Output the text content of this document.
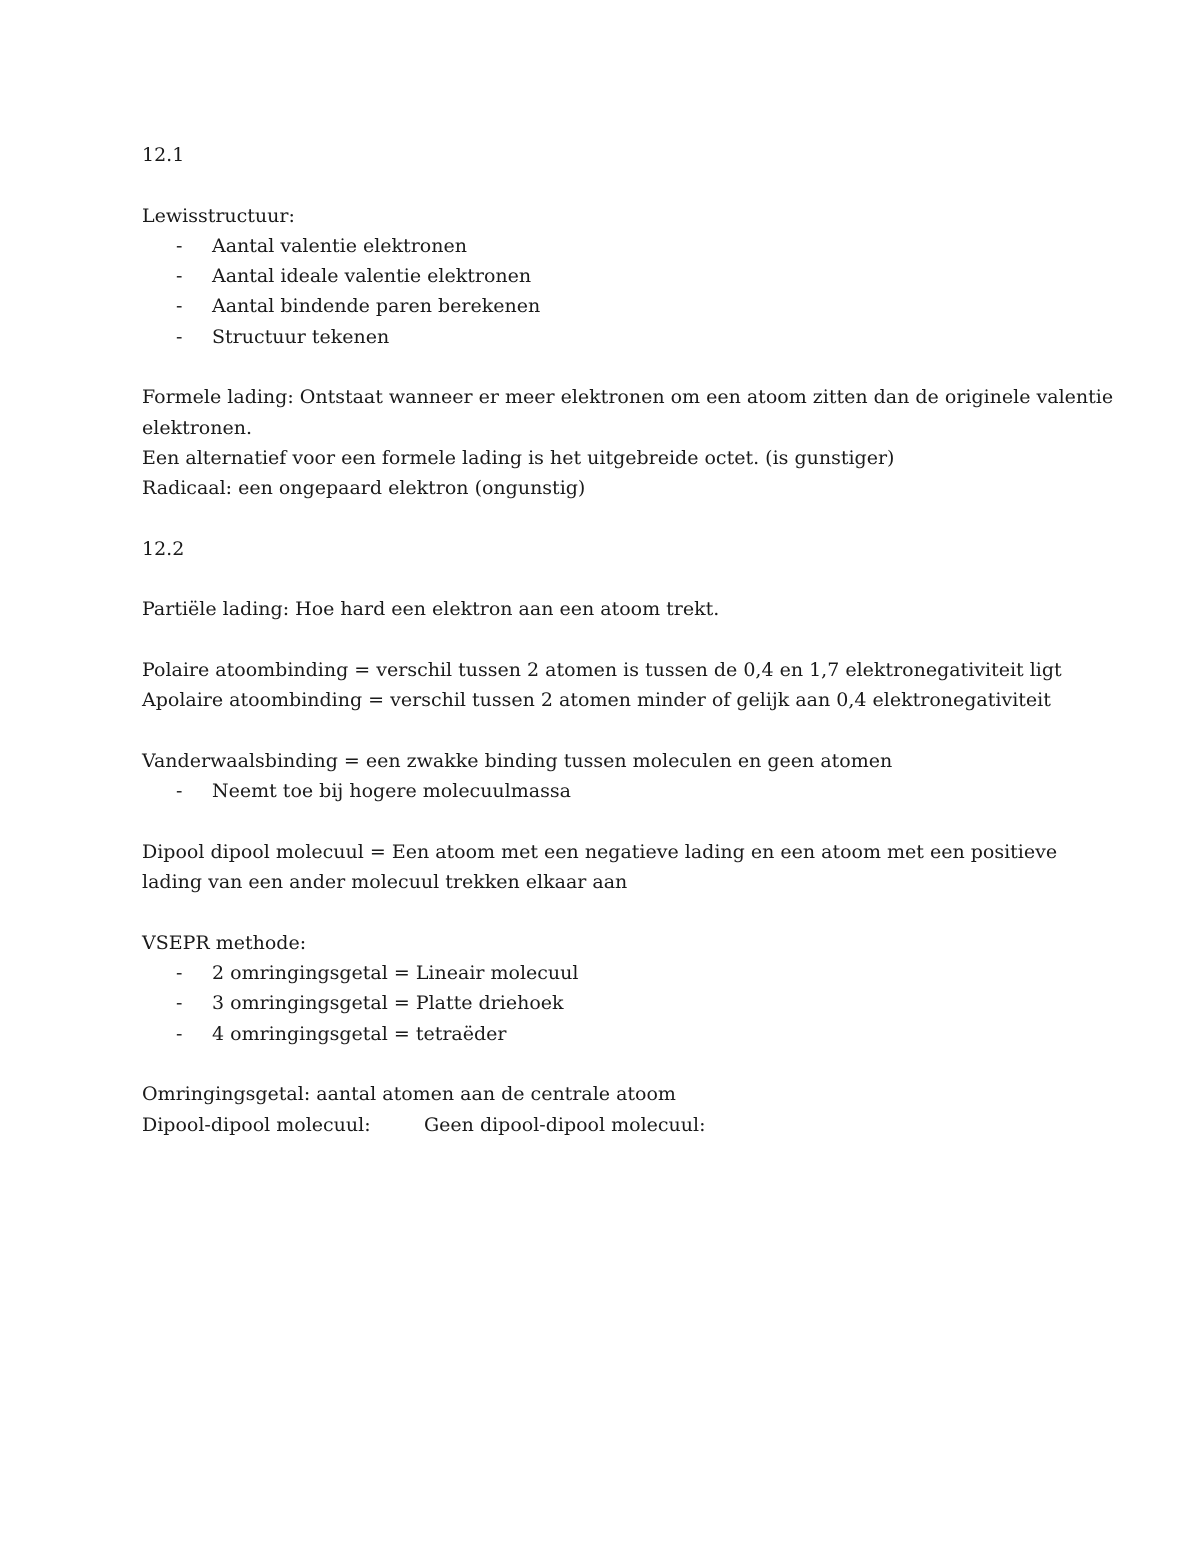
12.1
Lewisstructuur:
- Aantal valentie elektronen
- Aantal ideale valentie elektronen
- Aantal bindende paren berekenen
- Structuur tekenen
Formele lading: Ontstaat wanneer er meer elektronen om een atoom zitten dan de originele valentie
elektronen.
Een alternatief voor een formele lading is het uitgebreide octet. (is gunstiger)
Radicaal: een ongepaard elektron (ongunstig)
12.2
Partiële lading: Hoe hard een elektron aan een atoom trekt.
Polaire atoombinding = verschil tussen 2 atomen is tussen de 0,4 en 1,7 elektronegativiteit ligt
Apolaire atoombinding = verschil tussen 2 atomen minder of gelijk aan 0,4 elektronegativiteit
Vanderwaalsbinding = een zwakke binding tussen moleculen en geen atomen
- Neemt toe bij hogere molecuulmassa
Dipool dipool molecuul = Een atoom met een negatieve lading en een atoom met een positieve
lading van een ander molecuul trekken elkaar aan
VSEPR methode:
- 2 omringingsgetal = Lineair molecuul
- 3 omringingsgetal = Platte driehoek
- 4 omringingsgetal = tetraëder
Omringingsgetal: aantal atomen aan de centrale atoom
Dipool-dipool molecuul:	Geen dipool-dipool molecuul:
